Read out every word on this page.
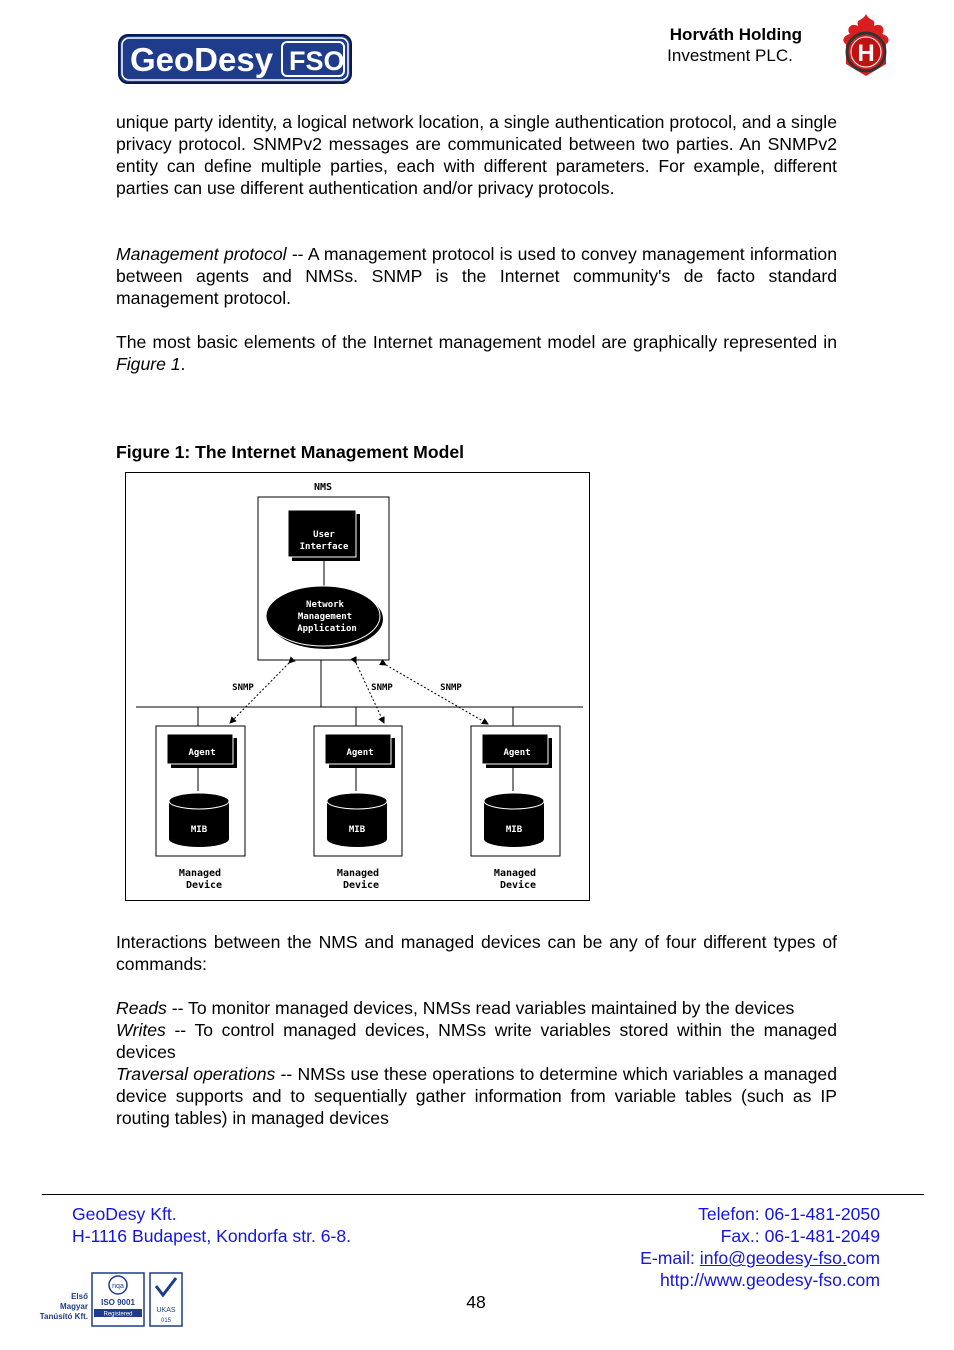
GeoDesy FSO
Horváth Holding
Investment PLC.	H

unique party identity, a logical network location, a single authentication protocol, and a single privacy protocol. SNMPv2 messages are communicated between two parties. An SNMPv2 entity can define multiple parties, each with different parameters. For example, different parties can use different authentication and/or privacy protocols.

Management protocol -- A management protocol is used to convey management information between agents and NMSs. SNMP is the Internet community's de facto standard management protocol.

The most basic elements of the Internet management model are graphically represented in Figure 1.

Figure 1: The Internet Management Model
NMS
User
Interface
Network
Management
Application
SNMP	SNMP	SNMP
Agent
MIB
Managed
Device
Agent
MIB
Managed
Device
Agent
MIB
Managed
Device

Interactions between the NMS and managed devices can be any of four different types of commands:

Reads -- To monitor managed devices, NMSs read variables maintained by the devices

Writes -- To control managed devices, NMSs write variables stored within the managed devices

Traversal operations -- NMSs use these operations to determine which variables a managed device supports and to sequentially gather information from variable tables (such as IP routing tables) in managed devices

GeoDesy Kft.
H-1116 Budapest, Kondorfa str. 6-8.
Telefon: 06-1-481-2050
Fax.: 06-1-481-2049
E-mail: info@geodesy-fso.com
http://www.geodesy-fso.com
48
Első
Magyar
Tanúsító Kft.
nqa
ISO 9001
Registered
UKAS
015
